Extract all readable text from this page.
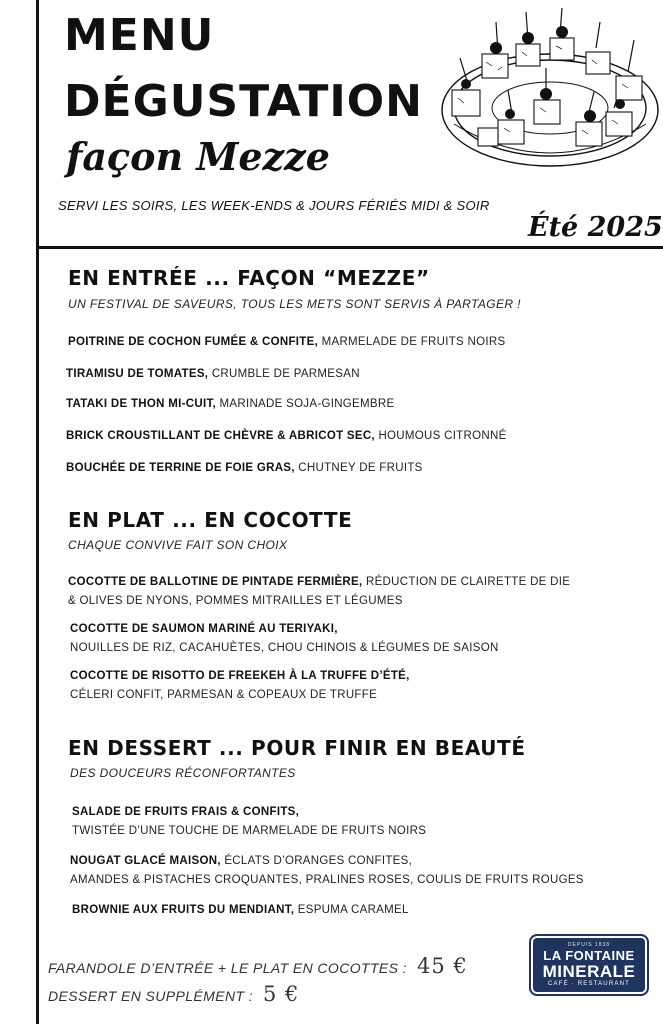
MENU
DÉGUSTATION
façon Mezze
SERVI LES SOIRS, LES WEEK-ENDS & JOURS FÉRIÉS MIDI & SOIR
Été 2025
EN ENTRÉE ... FAÇON “MEZZE”
UN FESTIVAL DE SAVEURS, TOUS LES METS SONT SERVIS À PARTAGER !
POITRINE DE COCHON FUMÉE & CONFITE, MARMELADE DE FRUITS NOIRS
TIRAMISU DE TOMATES, CRUMBLE DE PARMESAN
TATAKI DE THON MI-CUIT, MARINADE SOJA-GINGEMBRE
BRICK CROUSTILLANT DE CHÈVRE & ABRICOT SEC, HOUMOUS CITRONNÉ
BOUCHÉE DE TERRINE DE FOIE GRAS, CHUTNEY DE FRUITS
EN PLAT ... EN COCOTTE
CHAQUE CONVIVE FAIT SON CHOIX
COCOTTE DE BALLOTINE DE PINTADE FERMIÈRE, RÉDUCTION DE CLAIRETTE DE DIE
& OLIVES DE NYONS, POMMES MITRAILLES ET LÉGUMES
COCOTTE DE SAUMON MARINÉ AU TERIYAKI,
NOUILLES DE RIZ, CACAHUÈTES, CHOU CHINOIS & LÉGUMES DE SAISON
COCOTTE DE RISOTTO DE FREEKEH À LA TRUFFE D’ÉTÉ,
CÉLERI CONFIT, PARMESAN & COPEAUX DE TRUFFE
EN DESSERT ... POUR FINIR EN BEAUTÉ
DES DOUCEURS RÉCONFORTANTES
SALADE DE FRUITS FRAIS & CONFITS,
TWISTÉE D’UNE TOUCHE DE MARMELADE DE FRUITS NOIRS
NOUGAT GLACÉ MAISON, ÉCLATS D’ORANGES CONFITES,
AMANDES & PISTACHES CROQUANTES, PRALINES ROSES, COULIS DE FRUITS ROUGES
BROWNIE AUX FRUITS DU MENDIANT, ESPUMA CARAMEL
FARANDOLE D’ENTRÉE + LE PLAT EN COCOTTES : 45 €
DESSERT EN SUPPLÉMENT : 5 €
DEPUIS 1838
LA FONTAINE
MINERALE
CAFÉ · RESTAURANT
